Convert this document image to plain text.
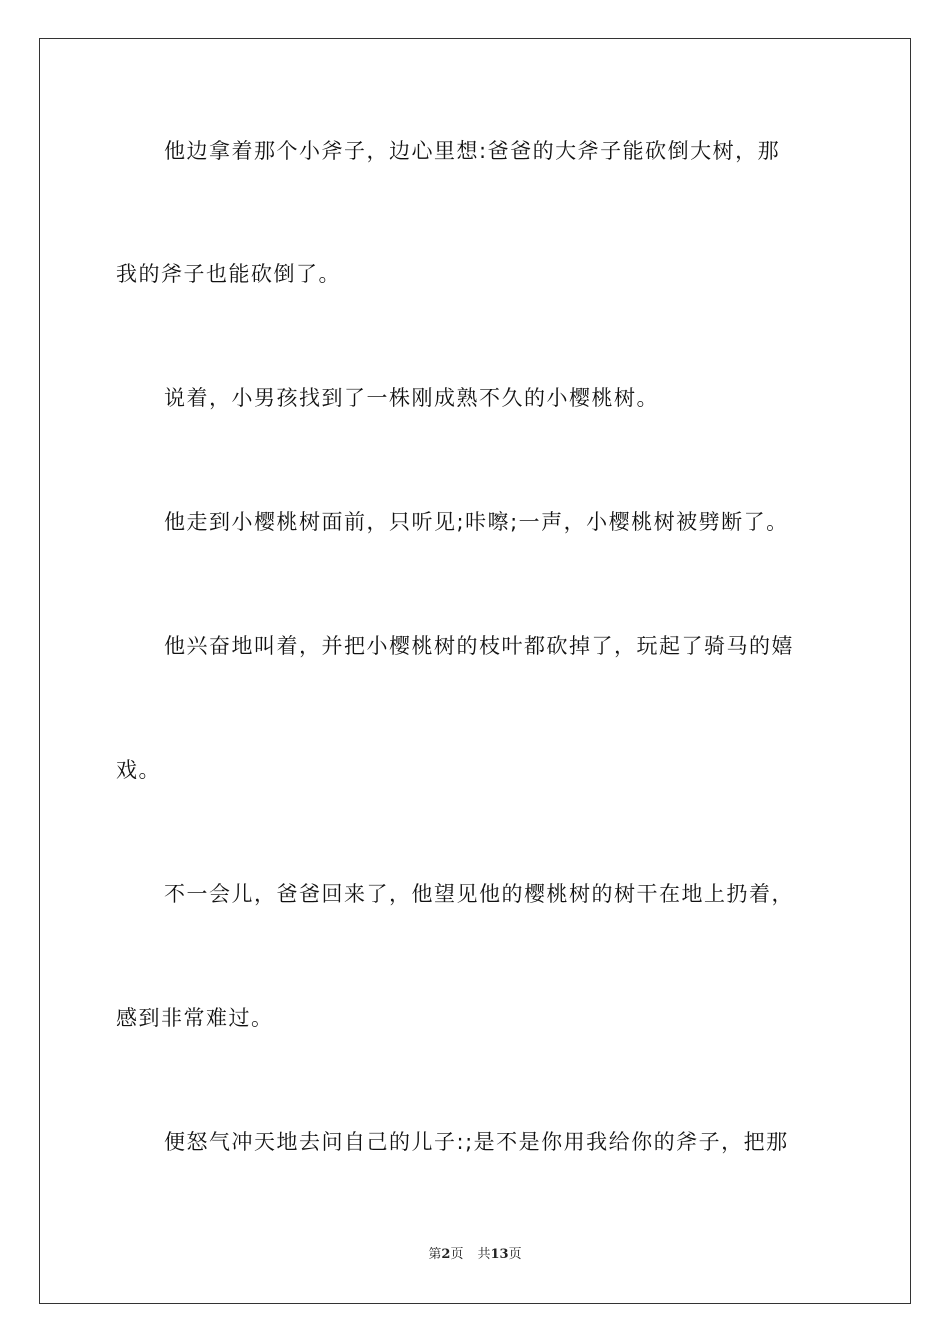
他边拿着那个小斧子，边心里想:爸爸的大斧子能砍倒大树，那
我的斧子也能砍倒了。
说着，小男孩找到了一株刚成熟不久的小樱桃树。
他走到小樱桃树面前，只听见;咔嚓;一声，小樱桃树被劈断了。
他兴奋地叫着，并把小樱桃树的枝叶都砍掉了，玩起了骑马的嬉
戏。
不一会儿，爸爸回来了，他望见他的樱桃树的树干在地上扔着，
感到非常难过。
便怒气冲天地去问自己的儿子:;是不是你用我给你的斧子，把那
第2页 共13页
